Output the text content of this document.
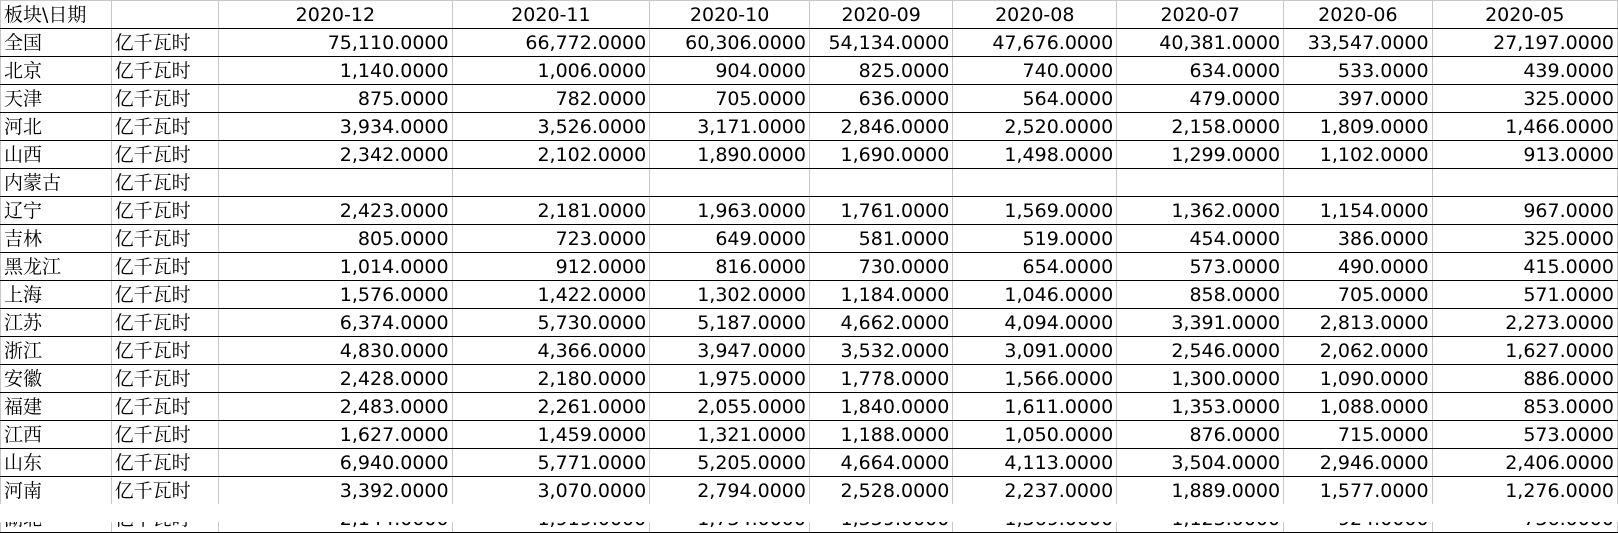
板块\日期		2020-12	2020-11	2020-10	2020-09	2020-08	2020-07	2020-06	2020-05
全国	亿千瓦时	75,110.0000	66,772.0000	60,306.0000	54,134.0000	47,676.0000	40,381.0000	33,547.0000	27,197.0000
北京	亿千瓦时	1,140.0000	1,006.0000	904.0000	825.0000	740.0000	634.0000	533.0000	439.0000
天津	亿千瓦时	875.0000	782.0000	705.0000	636.0000	564.0000	479.0000	397.0000	325.0000
河北	亿千瓦时	3,934.0000	3,526.0000	3,171.0000	2,846.0000	2,520.0000	2,158.0000	1,809.0000	1,466.0000
山西	亿千瓦时	2,342.0000	2,102.0000	1,890.0000	1,690.0000	1,498.0000	1,299.0000	1,102.0000	913.0000
内蒙古	亿千瓦时								
辽宁	亿千瓦时	2,423.0000	2,181.0000	1,963.0000	1,761.0000	1,569.0000	1,362.0000	1,154.0000	967.0000
吉林	亿千瓦时	805.0000	723.0000	649.0000	581.0000	519.0000	454.0000	386.0000	325.0000
黑龙江	亿千瓦时	1,014.0000	912.0000	816.0000	730.0000	654.0000	573.0000	490.0000	415.0000
上海	亿千瓦时	1,576.0000	1,422.0000	1,302.0000	1,184.0000	1,046.0000	858.0000	705.0000	571.0000
江苏	亿千瓦时	6,374.0000	5,730.0000	5,187.0000	4,662.0000	4,094.0000	3,391.0000	2,813.0000	2,273.0000
浙江	亿千瓦时	4,830.0000	4,366.0000	3,947.0000	3,532.0000	3,091.0000	2,546.0000	2,062.0000	1,627.0000
安徽	亿千瓦时	2,428.0000	2,180.0000	1,975.0000	1,778.0000	1,566.0000	1,300.0000	1,090.0000	886.0000
福建	亿千瓦时	2,483.0000	2,261.0000	2,055.0000	1,840.0000	1,611.0000	1,353.0000	1,088.0000	853.0000
江西	亿千瓦时	1,627.0000	1,459.0000	1,321.0000	1,188.0000	1,050.0000	876.0000	715.0000	573.0000
山东	亿千瓦时	6,940.0000	5,771.0000	5,205.0000	4,664.0000	4,113.0000	3,504.0000	2,946.0000	2,406.0000
河南	亿千瓦时	3,392.0000	3,070.0000	2,794.0000	2,528.0000	2,237.0000	1,889.0000	1,577.0000	1,276.0000
